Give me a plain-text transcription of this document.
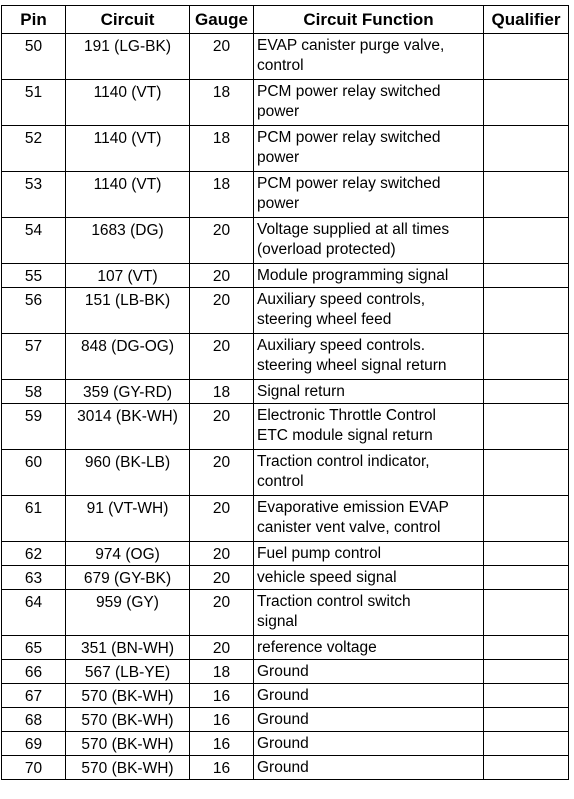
Pin	Circuit	Gauge	Circuit Function	Qualifier
50	191 (LG-BK)	20	EVAP canister purge valve,
control	

51	1140 (VT)	18	PCM power relay switched
power	

52	1140 (VT)	18	PCM power relay switched
power	

53	1140 (VT)	18	PCM power relay switched
power	

54	1683 (DG)	20	Voltage supplied at all times
(overload protected)	

55	107 (VT)	20	Module programming signal	

56	151 (LB-BK)	20	Auxiliary speed controls,
steering wheel feed	

57	848 (DG-OG)	20	Auxiliary speed controls.
steering wheel signal return	

58	359 (GY-RD)	18	Signal return	

59	3014 (BK-WH)	20	Electronic Throttle Control
ETC module signal return	

60	960 (BK-LB)	20	Traction control indicator,
control	

61	91 (VT-WH)	20	Evaporative emission EVAP
canister vent valve, control	

62	974 (OG)	20	Fuel pump control	

63	679 (GY-BK)	20	vehicle speed signal	

64	959 (GY)	20	Traction control switch
signal	

65	351 (BN-WH)	20	reference voltage	

66	567 (LB-YE)	18	Ground	

67	570 (BK-WH)	16	Ground	

68	570 (BK-WH)	16	Ground	

69	570 (BK-WH)	16	Ground	

70	570 (BK-WH)	16	Ground	
